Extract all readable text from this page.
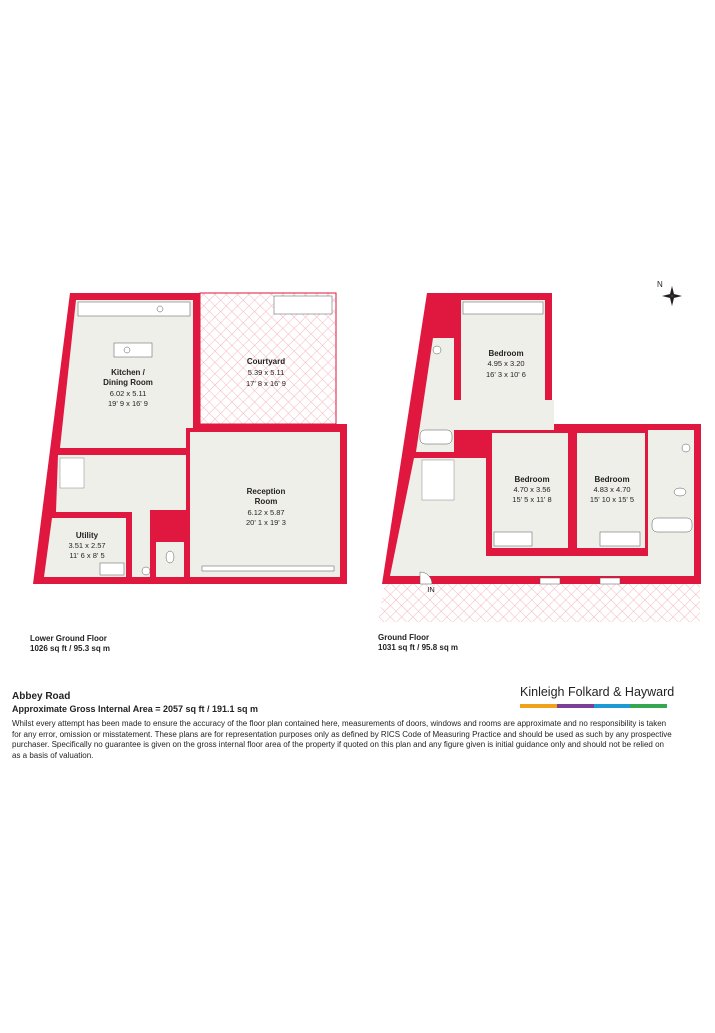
Kitchen /
Dining Room
6.02 x 5.11
19' 9 x 16' 9
Courtyard
5.39 x 5.11
17' 8 x 16' 9
Reception
Room
6.12 x 5.87
20' 1 x 19' 3
Utility
3.51 x 2.57
11' 6 x 8' 5
Bedroom
4.95 x 3.20
16' 3 x 10' 6
Bedroom
4.70 x 3.56
15' 5 x 11' 8
Bedroom
4.83 x 4.70
15' 10 x 15' 5
IN
N
Lower Ground Floor
1026 sq ft / 95.3 sq m
Ground Floor
1031 sq ft / 95.8 sq m
Abbey Road
Approximate Gross Internal Area = 2057 sq ft / 191.1 sq m
Whilst every attempt has been made to ensure the accuracy of the floor plan contained here, measurements of doors, windows and rooms are approximate and no responsibility is taken for any error, omission or misstatement. These plans are for representation purposes only as defined by RICS Code of Measuring Practice and should be used as such by any prospective purchaser. Specifically no guarantee is given on the gross internal floor area of the property if quoted on this plan and any figure given is initial guidance only and should not be relied on as a basis of valuation.
Kinleigh Folkard & Hayward
